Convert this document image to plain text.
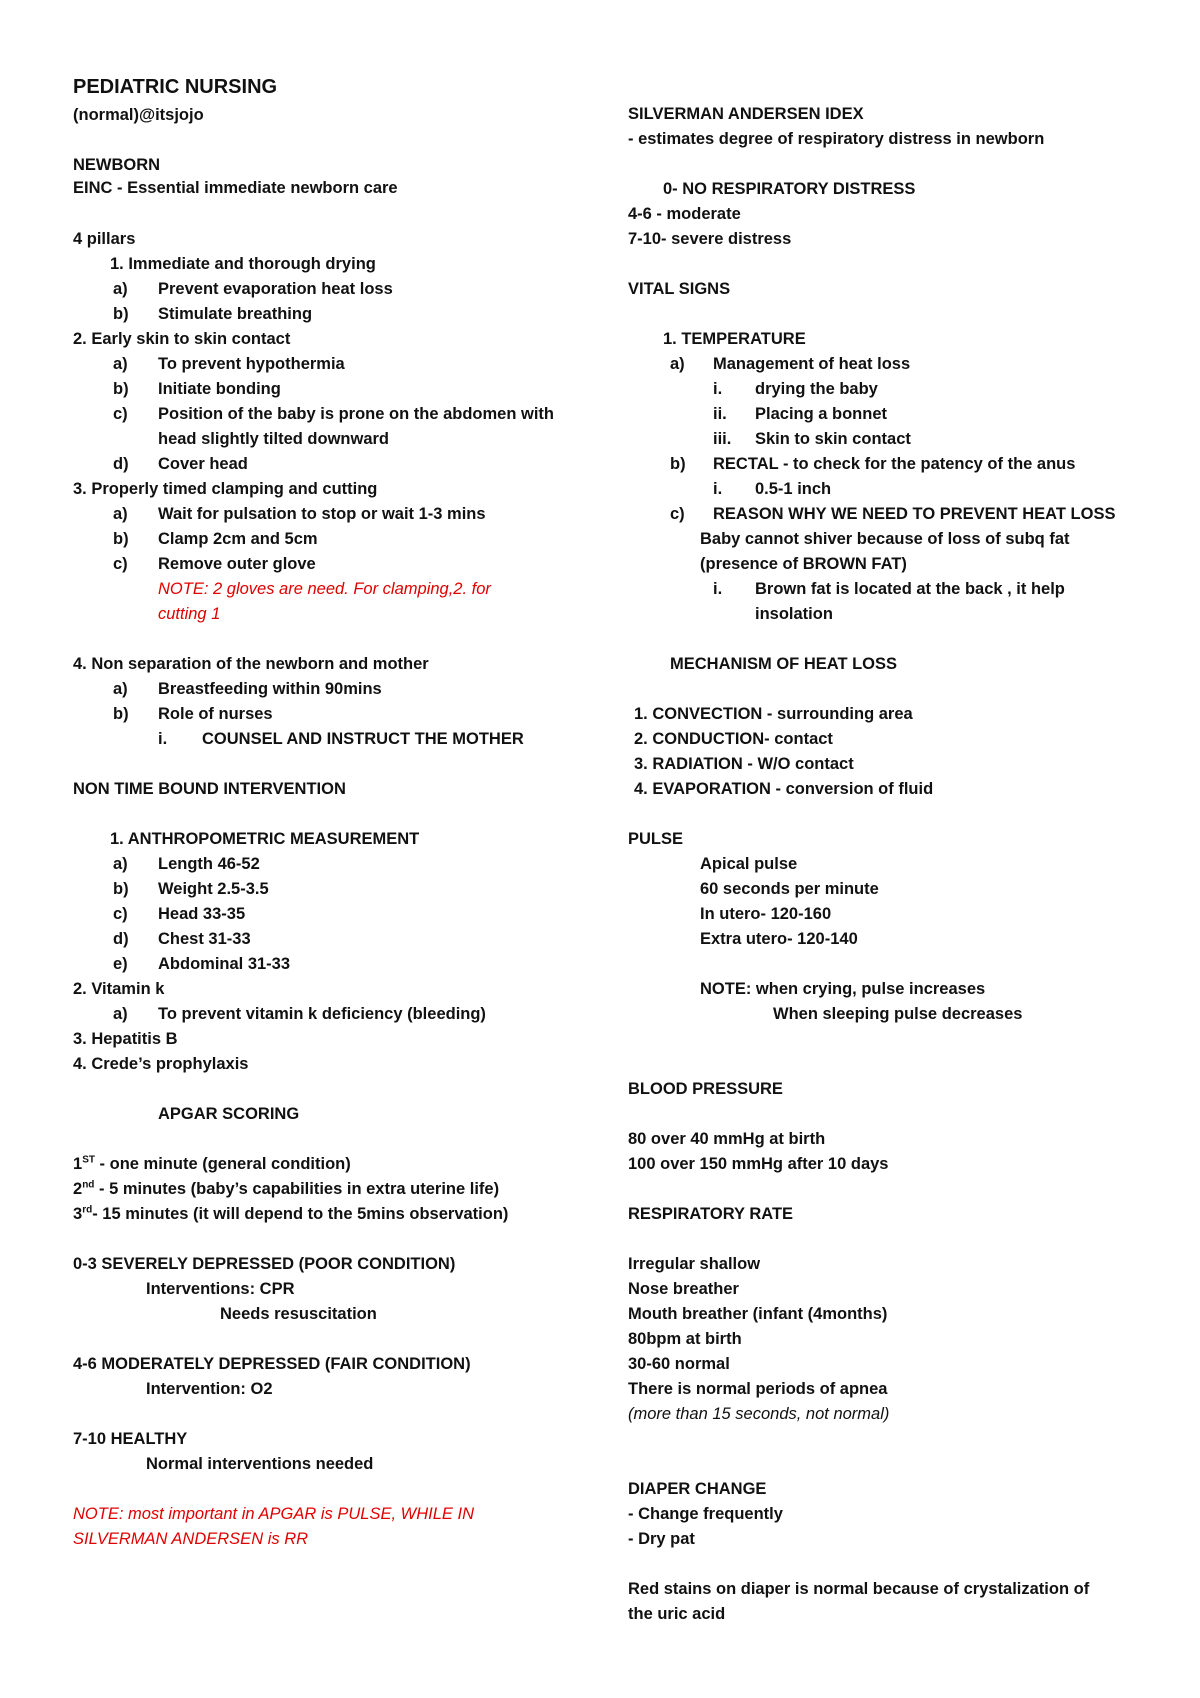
PEDIATRIC NURSING
(normal)@itsjojo
NEWBORN
EINC - Essential immediate newborn care
4 pillars
1. Immediate and thorough drying
a) Prevent evaporation heat loss
b) Stimulate breathing
2. Early skin to skin contact
a) To prevent hypothermia
b) Initiate bonding
c) Position of the baby is prone on the abdomen with
head slightly tilted downward
d) Cover head
3. Properly timed clamping and cutting
a) Wait for pulsation to stop or wait 1-3 mins
b) Clamp 2cm and 5cm
c) Remove outer glove
NOTE: 2 gloves are need. For clamping,2. for
cutting 1
4. Non separation of the newborn and mother
a) Breastfeeding within 90mins
b) Role of nurses
i. COUNSEL AND INSTRUCT THE MOTHER
NON TIME BOUND INTERVENTION
1. ANTHROPOMETRIC MEASUREMENT
a) Length 46-52
b) Weight 2.5-3.5
c) Head 33-35
d) Chest 31-33
e) Abdominal 31-33
2. Vitamin k
a) To prevent vitamin k deficiency (bleeding)
3. Hepatitis B
4. Crede’s prophylaxis
APGAR SCORING
1ST - one minute (general condition)
2nd - 5 minutes (baby’s capabilities in extra uterine life)
3rd- 15 minutes (it will depend to the 5mins observation)
0-3 SEVERELY DEPRESSED (POOR CONDITION)
Interventions: CPR
Needs resuscitation
4-6 MODERATELY DEPRESSED (FAIR CONDITION)
Intervention: O2
7-10 HEALTHY
Normal interventions needed
NOTE: most important in APGAR is PULSE, WHILE IN
SILVERMAN ANDERSEN is RR
SILVERMAN ANDERSEN IDEX
- estimates degree of respiratory distress in newborn
0- NO RESPIRATORY DISTRESS
4-6 - moderate
7-10- severe distress
VITAL SIGNS
1. TEMPERATURE
a) Management of heat loss
i. drying the baby
ii. Placing a bonnet
iii. Skin to skin contact
b) RECTAL - to check for the patency of the anus
i. 0.5-1 inch
c) REASON WHY WE NEED TO PREVENT HEAT LOSS
Baby cannot shiver because of loss of subq fat
(presence of BROWN FAT)
i. Brown fat is located at the back , it help
insolation
MECHANISM OF HEAT LOSS
1. CONVECTION - surrounding area
2. CONDUCTION- contact
3. RADIATION - W/O contact
4. EVAPORATION - conversion of fluid
PULSE
Apical pulse
60 seconds per minute
In utero- 120-160
Extra utero- 120-140
NOTE: when crying, pulse increases
When sleeping pulse decreases
BLOOD PRESSURE
80 over 40 mmHg at birth
100 over 150 mmHg after 10 days
RESPIRATORY RATE
Irregular shallow
Nose breather
Mouth breather (infant (4months)
80bpm at birth
30-60 normal
There is normal periods of apnea
(more than 15 seconds, not normal)
DIAPER CHANGE
- Change frequently
- Dry pat
Red stains on diaper is normal because of crystalization of
the uric acid
